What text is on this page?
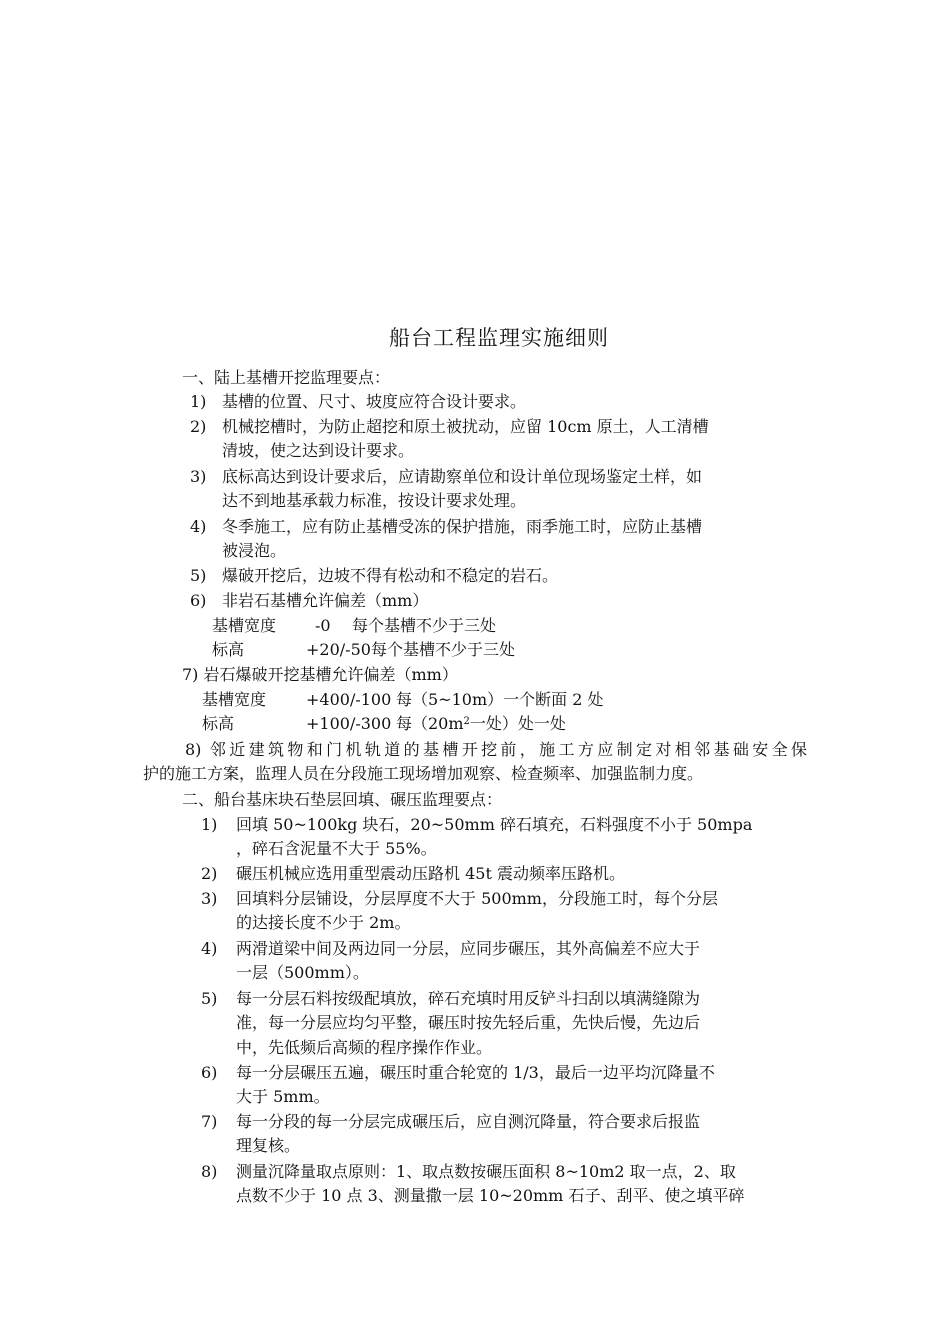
船台工程监理实施细则
一、陆上基槽开挖监理要点：
1) 基槽的位置、尺寸、坡度应符合设计要求。
2) 机械挖槽时，为防止超挖和原土被扰动，应留 10cm 原土，人工清槽
清坡，使之达到设计要求。
3) 底标高达到设计要求后，应请勘察单位和设计单位现场鉴定土样，如
达不到地基承载力标准，按设计要求处理。
4) 冬季施工，应有防止基槽受冻的保护措施，雨季施工时，应防止基槽
被浸泡。
5) 爆破开挖后，边坡不得有松动和不稳定的岩石。
6) 非岩石基槽允许偏差（mm）
基槽宽度 -0 每个基槽不少于三处
标高	+20/-50 每个基槽不少于三处
7) 岩石爆破开挖基槽允许偏差（mm）
基槽宽度 +400/-100 每（5~10m）一个断面 2 处
标高	+100/-300 每（$20m^2$一处）处一处
8) 邻近建筑物和门机轨道的基槽开挖前，施工方应制定对相邻基础安全保
护的施工方案，监理人员在分段施工现场增加观察、检查频率、加强监制力度。
二、船台基床块石垫层回填、碾压监理要点：
1) 回填 50~100kg 块石，20~50mm 碎石填充，石料强度不小于 50mpa
，碎石含泥量不大于 55%。
2) 碾压机械应选用重型震动压路机 45t 震动频率压路机。
3) 回填料分层铺设，分层厚度不大于 500mm，分段施工时，每个分层
的达接长度不少于 2m。
4) 两滑道梁中间及两边同一分层，应同步碾压，其外高偏差不应大于
一层（500mm）。
5) 每一分层石料按级配填放，碎石充填时用反铲斗扫刮以填满缝隙为
准，每一分层应均匀平整，碾压时按先轻后重，先快后慢，先边后
中，先低频后高频的程序操作作业。
6) 每一分层碾压五遍，碾压时重合轮宽的 1/3，最后一边平均沉降量不
大于 5mm。
7) 每一分段的每一分层完成碾压后，应自测沉降量，符合要求后报监
理复核。
8) 测量沉降量取点原则：1、取点数按碾压面积 8~10m2 取一点，2、取
点数不少于 10 点 3、测量撒一层 10~20mm 石子、刮平、使之填平碎
